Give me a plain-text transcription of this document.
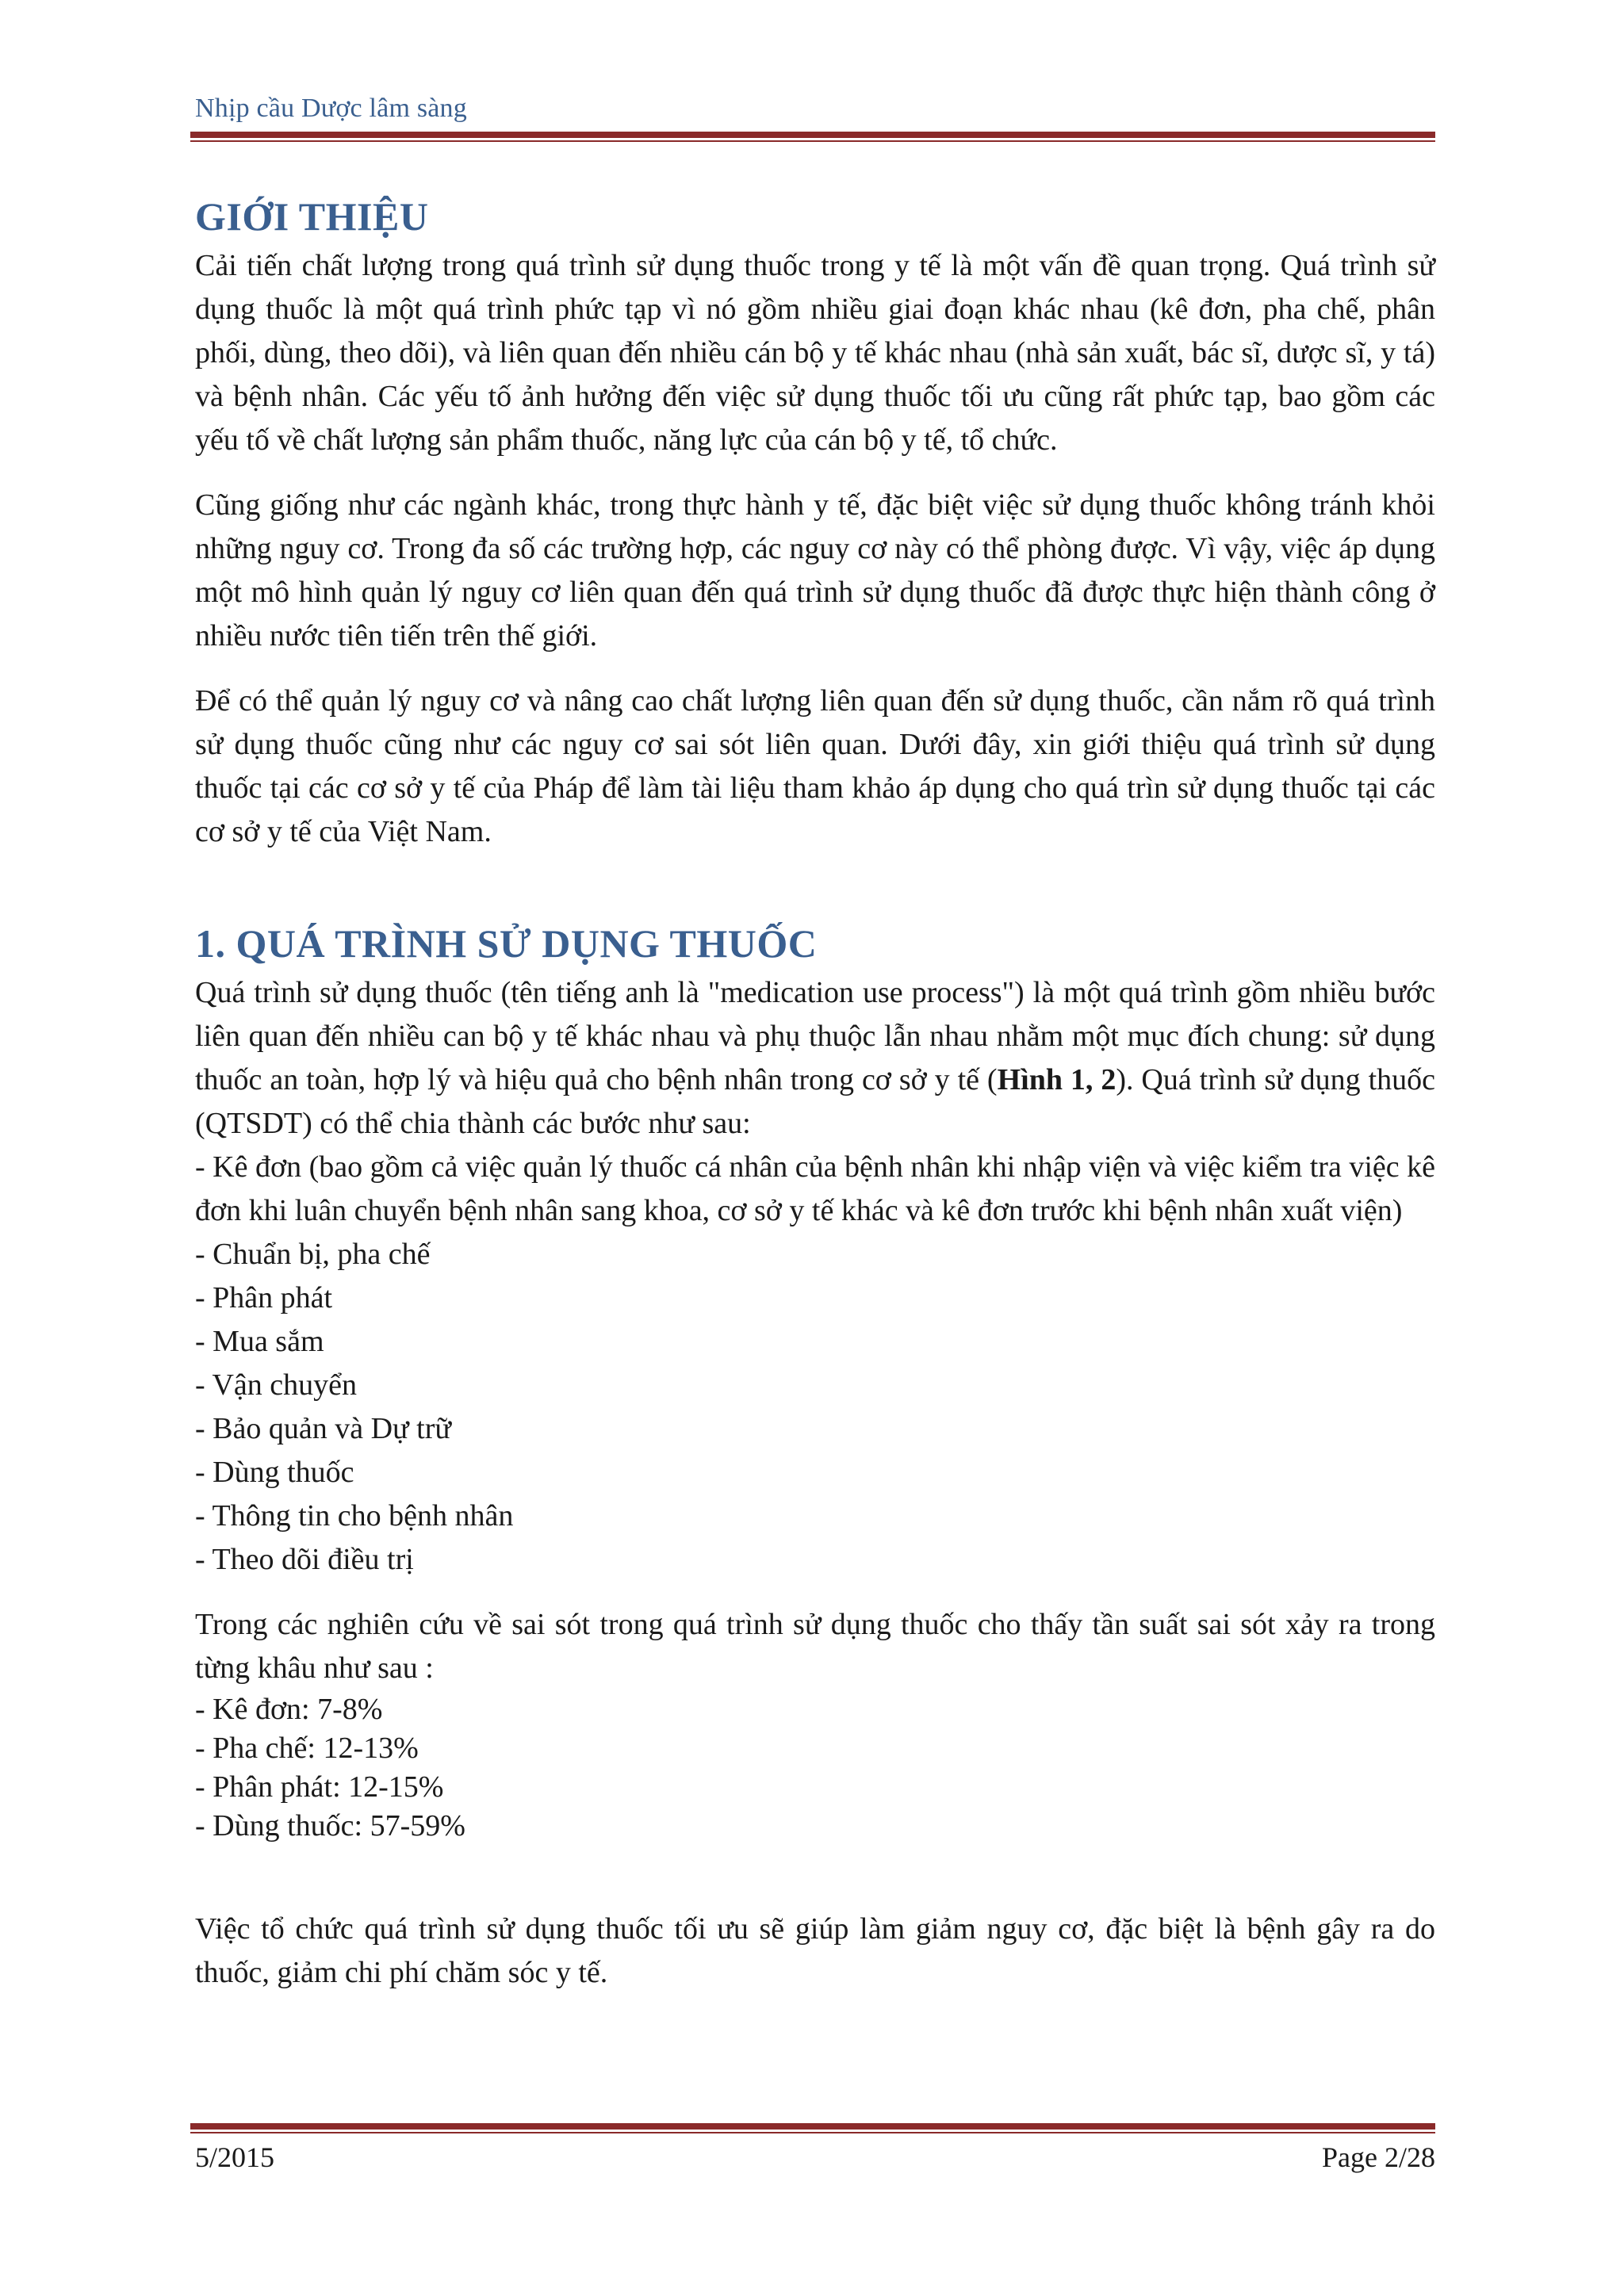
Nhịp cầu Dược lâm sàng
GIỚI THIỆU

Cải tiến chất lượng trong quá trình sử dụng thuốc trong y tế là một vấn đề quan trọng. Quá trình sử dụng thuốc là một quá trình phức tạp vì nó gồm nhiều giai đoạn khác nhau (kê đơn, pha chế, phân phối, dùng, theo dõi), và liên quan đến nhiều cán bộ y tế khác nhau (nhà sản xuất, bác sĩ, dược sĩ, y tá) và bệnh nhân. Các yếu tố ảnh hưởng đến việc sử dụng thuốc tối ưu cũng rất phức tạp, bao gồm các yếu tố về chất lượng sản phẩm thuốc, năng lực của cán bộ y tế, tổ chức.

Cũng giống như các ngành khác, trong thực hành y tế, đặc biệt việc sử dụng thuốc không tránh khỏi những nguy cơ. Trong đa số các trường hợp, các nguy cơ này có thể phòng được. Vì vậy, việc áp dụng một mô hình quản lý nguy cơ liên quan đến quá trình sử dụng thuốc đã được thực hiện thành công ở nhiều nước tiên tiến trên thế giới.

Để có thể quản lý nguy cơ và nâng cao chất lượng liên quan đến sử dụng thuốc, cần nắm rõ quá trình sử dụng thuốc cũng như các nguy cơ sai sót liên quan. Dưới đây, xin giới thiệu quá trình sử dụng thuốc tại các cơ sở y tế của Pháp để làm tài liệu tham khảo áp dụng cho quá trìn sử dụng thuốc tại các cơ sở y tế của Việt Nam.

1. QUÁ TRÌNH SỬ DỤNG THUỐC

Quá trình sử dụng thuốc (tên tiếng anh là "medication use process") là một quá trình gồm nhiều bước liên quan đến nhiều can bộ y tế khác nhau và phụ thuộc lẫn nhau nhằm một mục đích chung: sử dụng thuốc an toàn, hợp lý và hiệu quả cho bệnh nhân trong cơ sở y tế (Hình 1, 2). Quá trình sử dụng thuốc (QTSDT) có thể chia thành các bước như sau:

- Kê đơn (bao gồm cả việc quản lý thuốc cá nhân của bệnh nhân khi nhập viện và việc kiểm tra việc kê đơn khi luân chuyển bệnh nhân sang khoa, cơ sở y tế khác và kê đơn trước khi bệnh nhân xuất viện)
- Chuẩn bị, pha chế
- Phân phát
- Mua sắm
- Vận chuyển
- Bảo quản và Dự trữ
- Dùng thuốc
- Thông tin cho bệnh nhân
- Theo dõi điều trị

Trong các nghiên cứu về sai sót trong quá trình sử dụng thuốc cho thấy tần suất sai sót xảy ra trong từng khâu như sau :

- Kê đơn: 7-8%
- Pha chế: 12-13%
- Phân phát: 12-15%
- Dùng thuốc: 57-59%

Việc tổ chức quá trình sử dụng thuốc tối ưu sẽ giúp làm giảm nguy cơ, đặc biệt là bệnh gây ra do thuốc, giảm chi phí chăm sóc y tế.

5/2015	Page 2/28
